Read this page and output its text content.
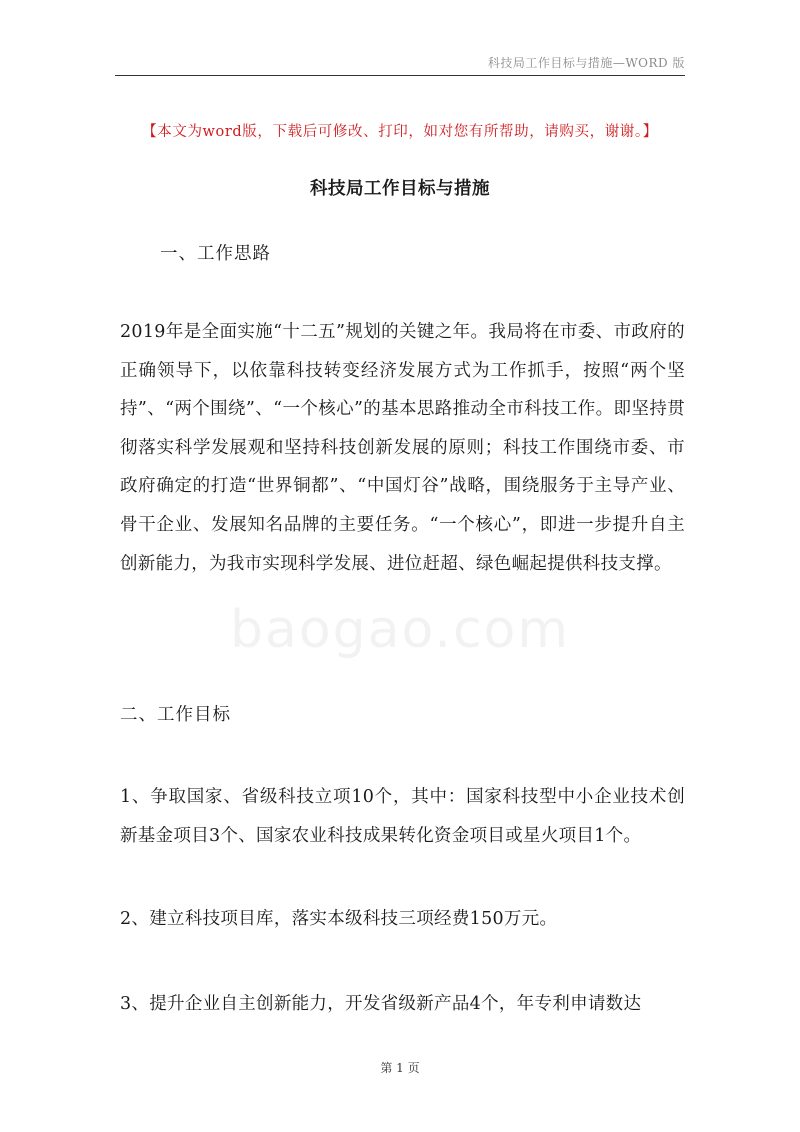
科技局工作目标与措施—WORD 版
【本文为word版，下载后可修改、打印，如对您有所帮助，请购买，谢谢。】
科技局工作目标与措施
一、工作思路
2019年是全面实施“十二五”规划的关键之年。我局将在市委、市政府的正确领导下，以依靠科技转变经济发展方式为工作抓手，按照“两个坚持”、“两个围绕”、“一个核心”的基本思路推动全市科技工作。即坚持贯彻落实科学发展观和坚持科技创新发展的原则；科技工作围绕市委、市政府确定的打造“世界铜都”、“中国灯谷”战略，围绕服务于主导产业、骨干企业、发展知名品牌的主要任务。“一个核心”，即进一步提升自主创新能力，为我市实现科学发展、进位赶超、绿色崛起提供科技支撑。
baogao.com
二、工作目标
1、争取国家、省级科技立项10个，其中：国家科技型中小企业技术创新基金项目3个、国家农业科技成果转化资金项目或星火项目1个。
2、建立科技项目库，落实本级科技三项经费150万元。
3、提升企业自主创新能力，开发省级新产品4个，年专利申请数达
第 1 页
